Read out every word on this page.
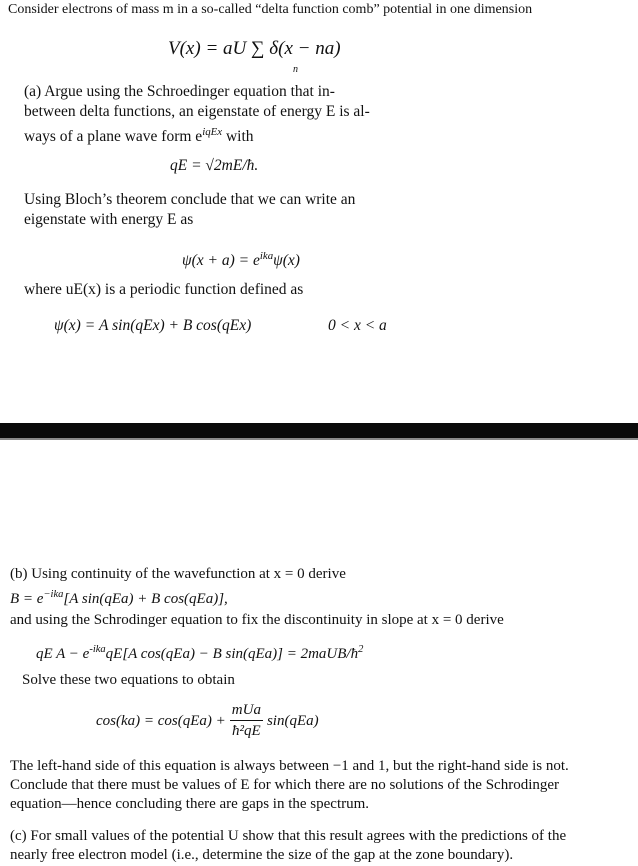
Consider electrons of mass m in a so-called “delta function comb” potential in one dimension
V(x) = aU ∑ δ(x − na)
n
(a) Argue using the Schroedinger equation that in-
between delta functions, an eigenstate of energy E is al-
ways of a plane wave form $e^{iqEx}$ with
qE = √2mE/ħ.
Using Bloch’s theorem conclude that we can write an
eigenstate with energy E as
$\psi(x + a) = e^{ika}\psi(x)$
where uE(x) is a periodic function defined as
ψ(x) = A sin(qEx) + B cos(qEx)	0 < x < a
(b) Using continuity of the wavefunction at x = 0 derive
$B = e^{-ika}[A$ sin(qEa) + B cos(qEa)],
and using the Schrodinger equation to fix the discontinuity in slope at x = 0 derive
qE $A - e^{-ika}qE[A$ cos(qEa) − B $\sin(qEa)] = 2maUB/ħ^2$
Solve these two equations to obtain
$\cos(ka) = \cos(qEa) + \frac{\text{mUa}}{\text{ħ²qE}} \sin(qEa)$
The left-hand side of this equation is always between −1 and 1, but the right-hand side is not.
Conclude that there must be values of E for which there are no solutions of the Schrodinger
equation—hence concluding there are gaps in the spectrum.
(c) For small values of the potential U show that this result agrees with the predictions of the
nearly free electron model (i.e., determine the size of the gap at the zone boundary).
